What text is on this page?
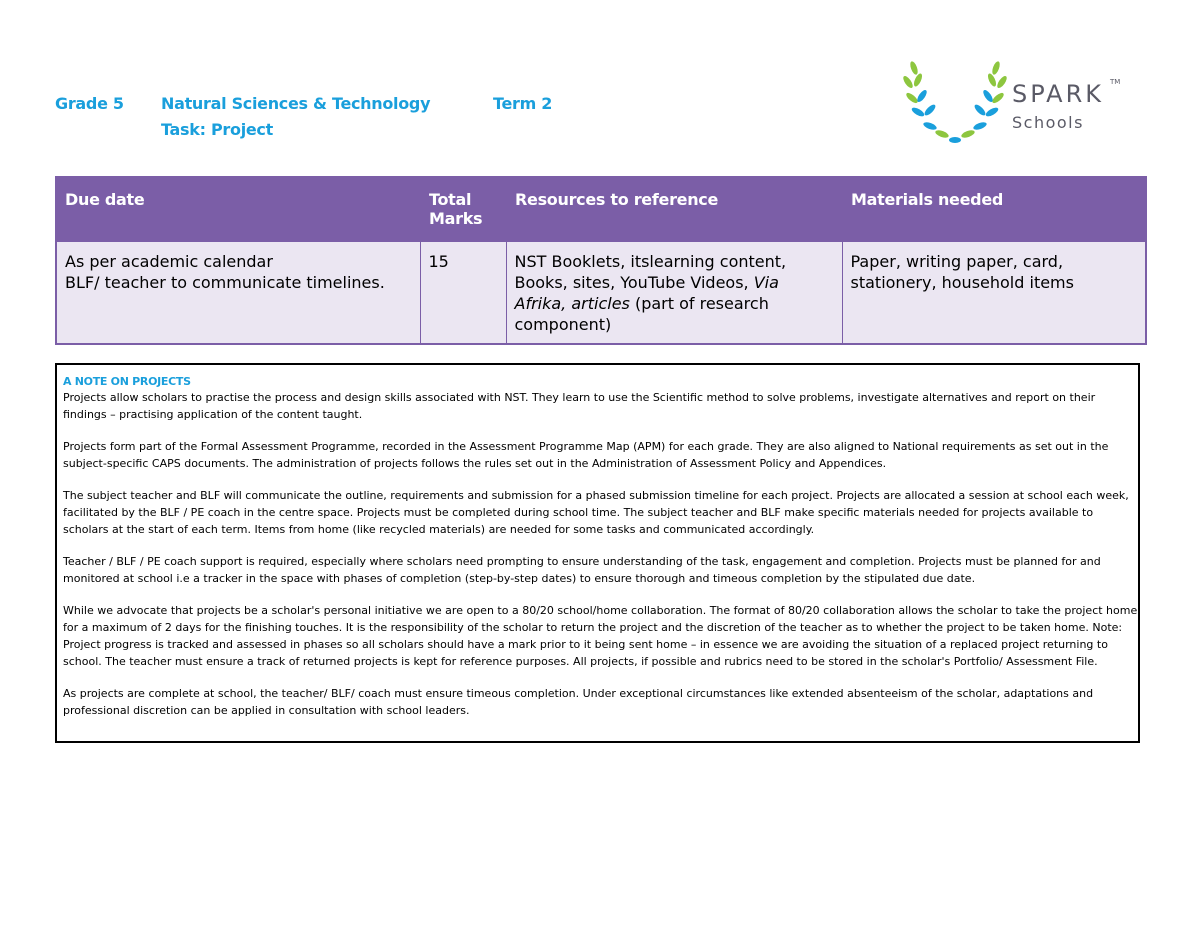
Grade 5 Natural Sciences & Technology	Term 2
Task: Project
SPARK TM
Schools
Due date	Total Marks	Resources to reference	Materials needed

As per academic calendar
BLF/ teacher to communicate timelines.	15	NST Booklets, itslearning content, Books, sites, YouTube Videos, Via Afrika, articles (part of research component)	Paper, writing paper, card, stationery, household items
A NOTE ON PROJECTS

Projects allow scholars to practise the process and design skills associated with NST. They learn to use the Scientific method to solve problems, investigate alternatives and report on their findings – practising application of the content taught.

Projects form part of the Formal Assessment Programme, recorded in the Assessment Programme Map (APM) for each grade. They are also aligned to National requirements as set out in the subject-specific CAPS documents. The administration of projects follows the rules set out in the Administration of Assessment Policy and Appendices.

The subject teacher and BLF will communicate the outline, requirements and submission for a phased submission timeline for each project. Projects are allocated a session at school each week, facilitated by the BLF / PE coach in the centre space. Projects must be completed during school time. The subject teacher and BLF make specific materials needed for projects available to scholars at the start of each term. Items from home (like recycled materials) are needed for some tasks and communicated accordingly.

Teacher / BLF / PE coach support is required, especially where scholars need prompting to ensure understanding of the task, engagement and completion. Projects must be planned for and monitored at school i.e a tracker in the space with phases of completion (step-by-step dates) to ensure thorough and timeous completion by the stipulated due date.

While we advocate that projects be a scholar's personal initiative we are open to a 80/20 school/home collaboration. The format of 80/20 collaboration allows the scholar to take the project home for a maximum of 2 days for the finishing touches. It is the responsibility of the scholar to return the project and the discretion of the teacher as to whether the project to be taken home. Note: Project progress is tracked and assessed in phases so all scholars should have a mark prior to it being sent home – in essence we are avoiding the situation of a replaced project returning to school. The teacher must ensure a track of returned projects is kept for reference purposes. All projects, if possible and rubrics need to be stored in the scholar's Portfolio/ Assessment File.

As projects are complete at school, the teacher/ BLF/ coach must ensure timeous completion. Under exceptional circumstances like extended absenteeism of the scholar, adaptations and professional discretion can be applied in consultation with school leaders.
